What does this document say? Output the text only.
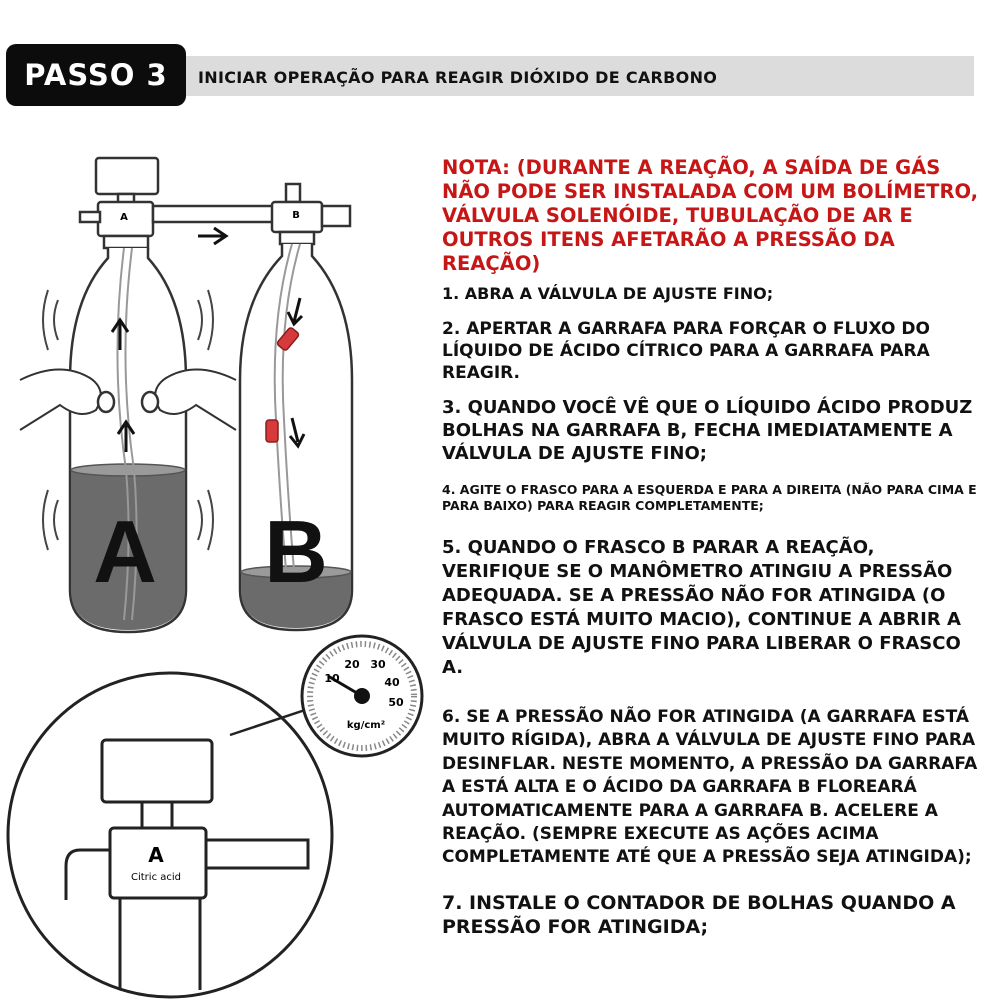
PASSO 3	INICIAR OPERAÇÃO PARA REAGIR DIÓXIDO DE CARBONO
A
A
B
B
A
Citric acid
10
20 30
40
50
kg/cm²

NOTA: (DURANTE A REAÇÃO, A SAÍDA DE GÁS NÃO PODE SER INSTALADA COM UM BOLÍMETRO, VÁLVULA SOLENÓIDE, TUBULAÇÃO DE AR E OUTROS ITENS AFETARÃO A PRESSÃO DA REAÇÃO)

1. ABRA A VÁLVULA DE AJUSTE FINO;

2. APERTAR A GARRAFA PARA FORÇAR O FLUXO DO LÍQUIDO DE ÁCIDO CÍTRICO PARA A GARRAFA PARA REAGIR.

3. QUANDO VOCÊ VÊ QUE O LÍQUIDO ÁCIDO PRODUZ BOLHAS NA GARRAFA B, FECHA IMEDIATAMENTE A VÁLVULA DE AJUSTE FINO;

4. AGITE O FRASCO PARA A ESQUERDA E PARA A DIREITA (NÃO PARA CIMA E PARA BAIXO) PARA REAGIR COMPLETAMENTE;

5. QUANDO O FRASCO B PARAR A REAÇÃO, VERIFIQUE SE O MANÔMETRO ATINGIU A PRESSÃO ADEQUADA. SE A PRESSÃO NÃO FOR ATINGIDA (O FRASCO ESTÁ MUITO MACIO), CONTINUE A ABRIR A VÁLVULA DE AJUSTE FINO PARA LIBERAR O FRASCO A.

6. SE A PRESSÃO NÃO FOR ATINGIDA (A GARRAFA ESTÁ MUITO RÍGIDA), ABRA A VÁLVULA DE AJUSTE FINO PARA DESINFLAR. NESTE MOMENTO, A PRESSÃO DA GARRAFA A ESTÁ ALTA E O ÁCIDO DA GARRAFA B FLOREARÁ AUTOMATICAMENTE PARA A GARRAFA B. ACELERE A REAÇÃO. (SEMPRE EXECUTE AS AÇÕES ACIMA COMPLETAMENTE ATÉ QUE A PRESSÃO SEJA ATINGIDA);

7. INSTALE O CONTADOR DE BOLHAS QUANDO A PRESSÃO FOR ATINGIDA;
